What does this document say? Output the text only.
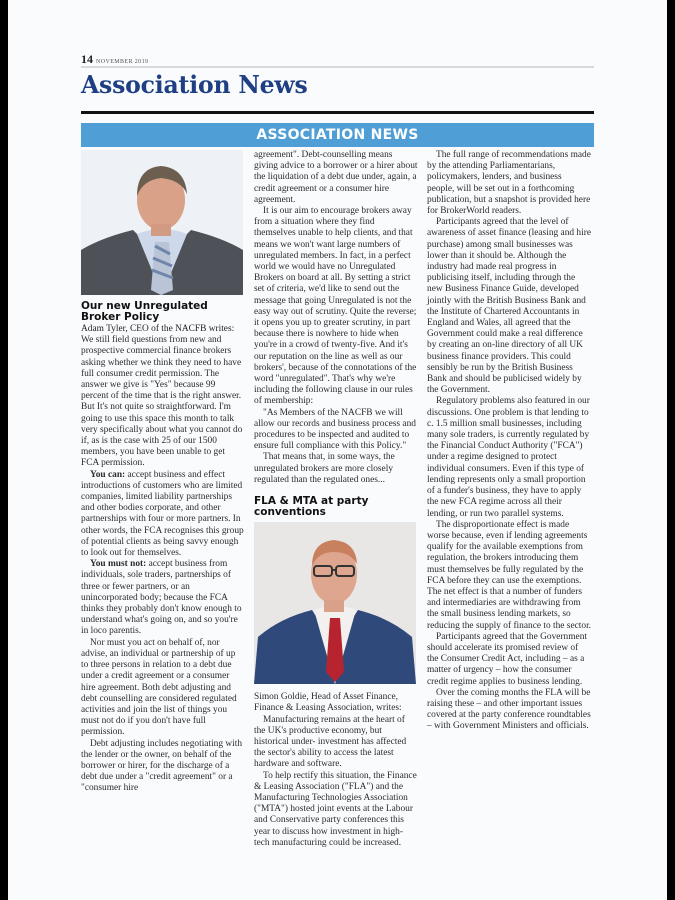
14 NOVEMBER 2019
Association News
ASSOCIATION NEWS
Our new Unregulated Broker Policy

Adam Tyler, CEO of the NACFB writes:

We still field questions from new and prospective commercial finance brokers asking whether we think they need to have full consumer credit permission. The answer we give is "Yes" because 99 percent of the time that is the right answer. But It's not quite so straightforward. I'm going to use this space this month to talk very specifically about what you cannot do if, as is the case with 25 of our 1500 members, you have been unable to get FCA permission.

You can: accept business and effect introductions of customers who are limited companies, limited liability partnerships and other bodies corporate, and other partnerships with four or more partners. In other words, the FCA recognises this group of potential clients as being savvy enough to look out for themselves.

You must not: accept business from individuals, sole traders, partnerships of three or fewer partners, or an unincorporated body; because the FCA thinks they probably don't know enough to understand what's going on, and so you're in loco parentis.

Nor must you act on behalf of, nor advise, an individual or partnership of up to three persons in relation to a debt due under a credit agreement or a consumer hire agreement. Both debt adjusting and debt counselling are considered regulated activities and join the list of things you must not do if you don't have full permission.

Debt adjusting includes negotiating with the lender or the owner, on behalf of the borrower or hirer, for the discharge of a debt due under a "credit agreement" or a "consumer hire

agreement". Debt-counselling means giving advice to a borrower or a hirer about the liquidation of a debt due under, again, a credit agreement or a consumer hire agreement.

It is our aim to encourage brokers away from a situation where they find themselves unable to help clients, and that means we won't want large numbers of unregulated members. In fact, in a perfect world we would have no Unregulated Brokers on board at all. By setting a strict set of criteria, we'd like to send out the message that going Unregulated is not the easy way out of scrutiny. Quite the reverse; it opens you up to greater scrutiny, in part because there is nowhere to hide when you're in a crowd of twenty-five. And it's our reputation on the line as well as our brokers', because of the connotations of the word "unregulated". That's why we're including the following clause in our rules of membership:

"As Members of the NACFB we will allow our records and business process and procedures to be inspected and audited to ensure full compliance with this Policy."

That means that, in some ways, the unregulated brokers are more closely regulated than the regulated ones...

FLA & MTA at party conventions

Simon Goldie, Head of Asset Finance, Finance & Leasing Association, writes:

Manufacturing remains at the heart of the UK's productive economy, but historical under- investment has affected the sector's ability to access the latest hardware and software.

To help rectify this situation, the Finance & Leasing Association ("FLA") and the Manufacturing Technologies Association ("MTA") hosted joint events at the Labour and Conservative party conferences this year to discuss how investment in high-tech manufacturing could be increased.

The full range of recommendations made by the attending Parliamentarians, policymakers, lenders, and business people, will be set out in a forthcoming publication, but a snapshot is provided here for BrokerWorld readers.

Participants agreed that the level of awareness of asset finance (leasing and hire purchase) among small businesses was lower than it should be. Although the industry had made real progress in publicising itself, including through the new Business Finance Guide, developed jointly with the British Business Bank and the Institute of Chartered Accountants in England and Wales, all agreed that the Government could make a real difference by creating an on-line directory of all UK business finance providers. This could sensibly be run by the British Business Bank and should be publicised widely by the Government.

Regulatory problems also featured in our discussions. One problem is that lending to c. 1.5 million small businesses, including many sole traders, is currently regulated by the Financial Conduct Authority ("FCA") under a regime designed to protect individual consumers. Even if this type of lending represents only a small proportion of a funder's business, they have to apply the new FCA regime across all their lending, or run two parallel systems.

The disproportionate effect is made worse because, even if lending agreements qualify for the available exemptions from regulation, the brokers introducing them must themselves be fully regulated by the FCA before they can use the exemptions. The net effect is that a number of funders and intermediaries are withdrawing from the small business lending markets, so reducing the supply of finance to the sector.

Participants agreed that the Government should accelerate its promised review of the Consumer Credit Act, including – as a matter of urgency – how the consumer credit regime applies to business lending.

Over the coming months the FLA will be raising these – and other important issues covered at the party conference roundtables – with Government Ministers and officials.
